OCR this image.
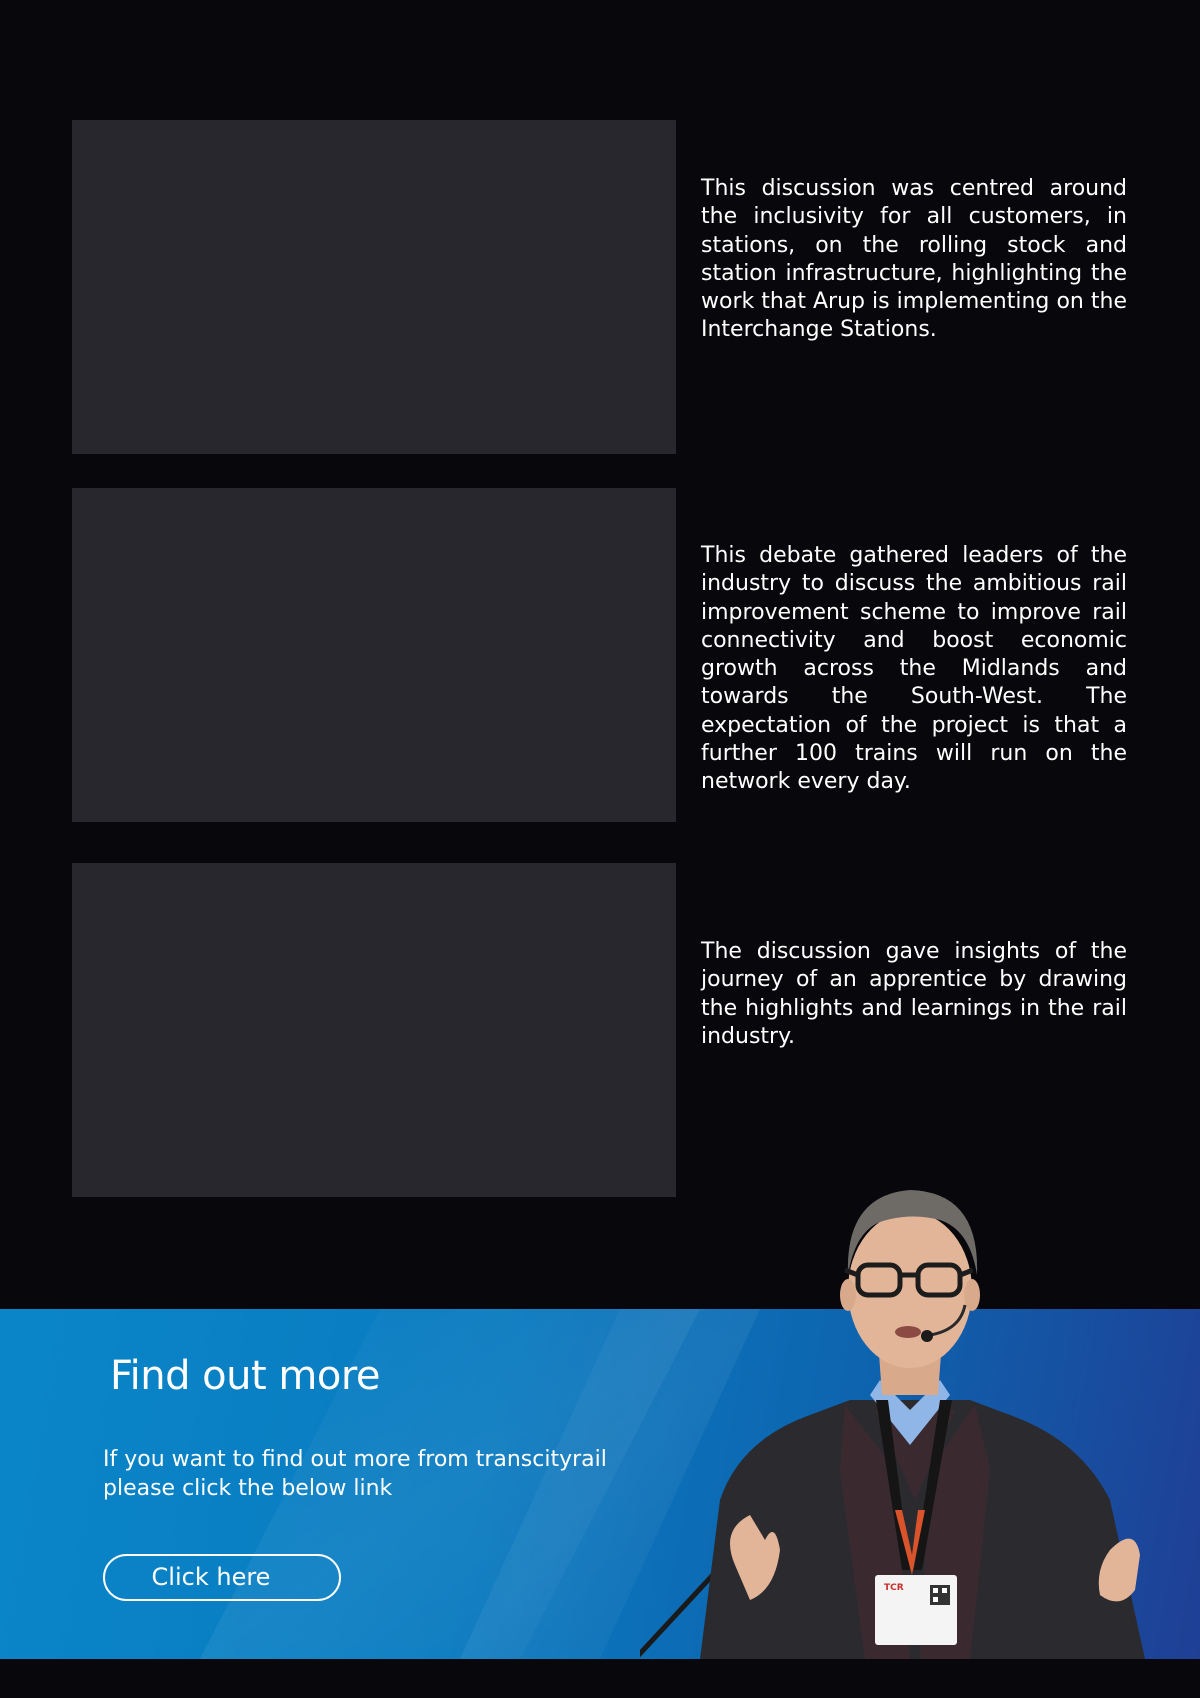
This discussion was centred around the inclusivity for all customers, in stations, on the rolling stock and station infrastructure, highlighting the work that Arup is implementing on the Interchange Stations.

This debate gathered leaders of the industry to discuss the ambitious rail improvement scheme to improve rail connectivity and boost economic growth across the Midlands and towards the South-West. The expectation of the project is that a further 100 trains will run on the network every day.

The discussion gave insights of the journey of an apprentice by drawing the highlights and learnings in the rail industry.

Find out more

If you want to find out more from transcityrail please click the below link

Click here	TCR
